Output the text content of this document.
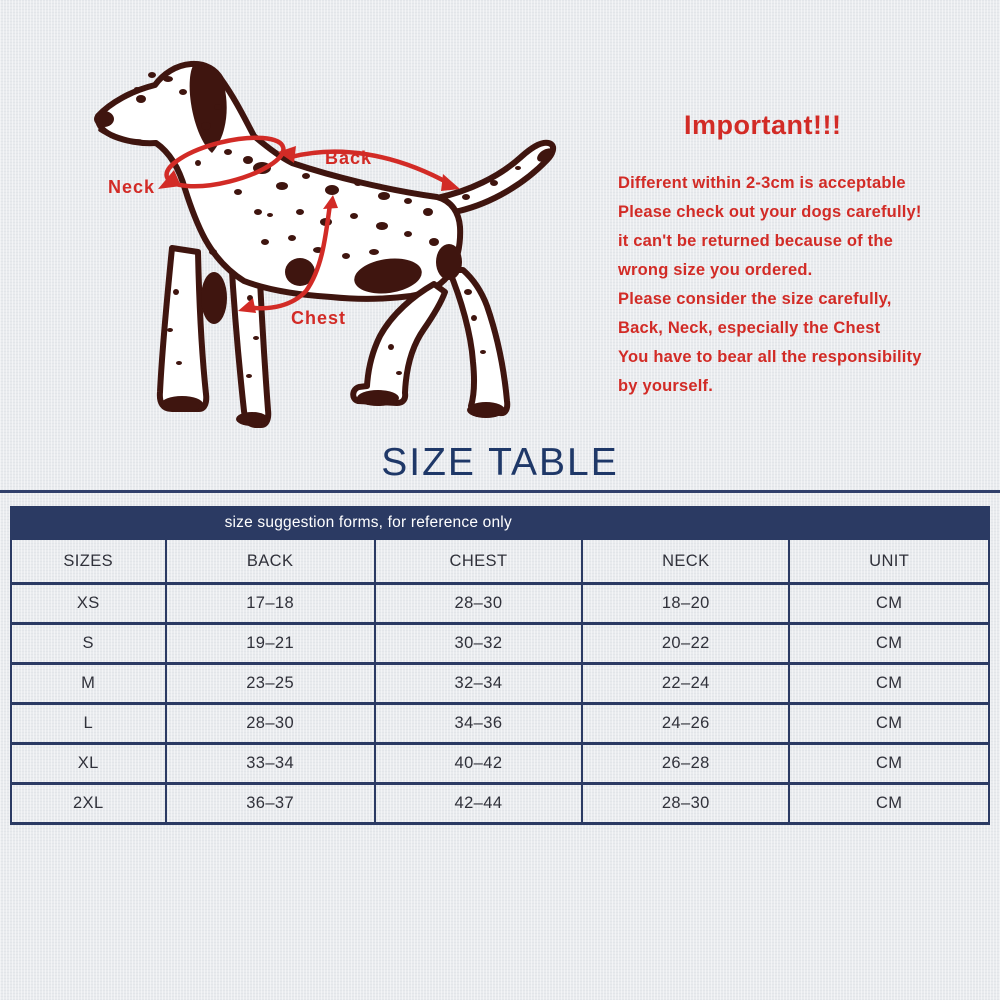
Neck
Back
Chest
Important!!!

Different within 2-3cm is acceptable

Please check out your dogs carefully!

it can't be returned because of the

wrong size you ordered.

Please consider the size carefully,

Back, Neck, especially the Chest

You have to bear all the responsibility

by yourself.

SIZE TABLE
size suggestion forms, for reference only				

SIZES	BACK	CHEST	NECK	UNIT
XS	17–18	28–30	18–20	CM
S	19–21	30–32	20–22	CM
M	23–25	32–34	22–24	CM
L	28–30	34–36	24–26	CM
XL	33–34	40–42	26–28	CM
2XL	36–37	42–44	28–30	CM
